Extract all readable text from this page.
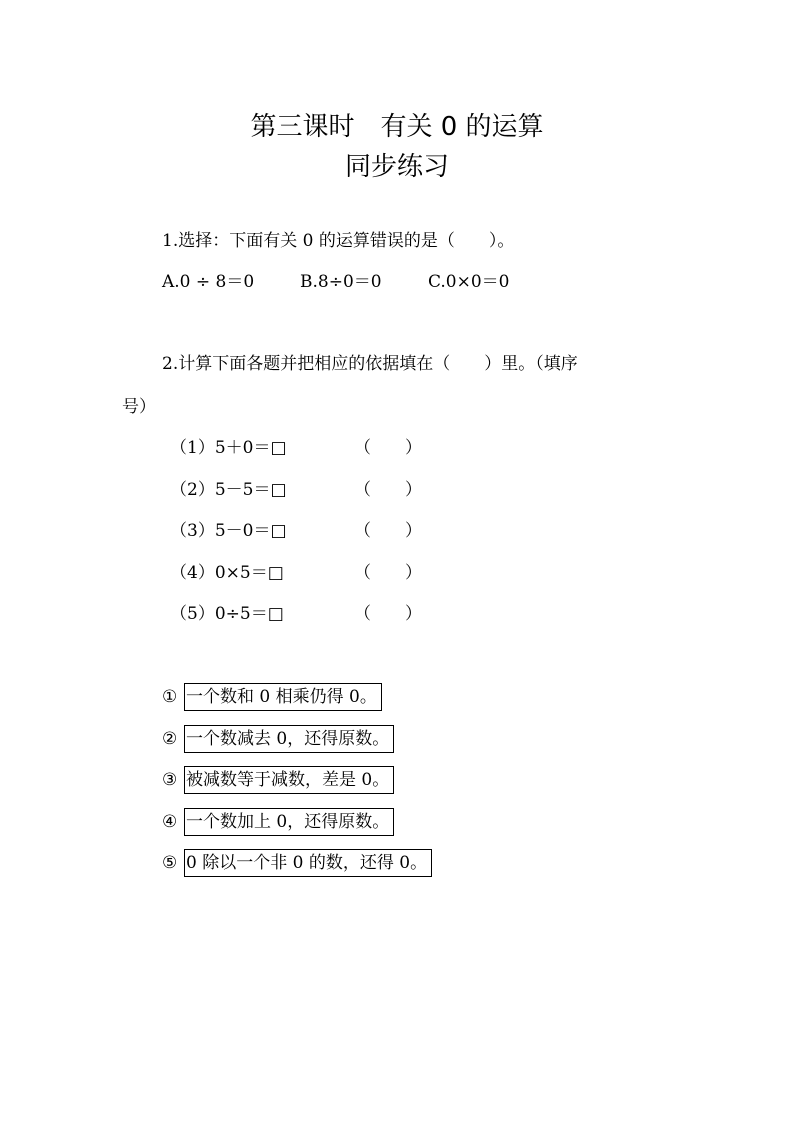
第三课时　有关 0 的运算
同步练习
1.选择：下面有关 0 的运算错误的是（　　）。
A.0 ÷ 8＝0	B.8÷0＝0	C.0×0＝0
2.计算下面各题并把相应的依据填在（　　）里。（填序
号）
（1）5＋0＝□	（　　）
（2）5－5＝□	（　　）
（3）5－0＝□	（　　）
（4）0×5＝□	（　　）
（5）0÷5＝□	（　　）
① 一个数和 0 相乘仍得 0。
② 一个数减去 0，还得原数。
③ 被减数等于减数，差是 0。
④ 一个数加上 0，还得原数。
⑤ 0 除以一个非 0 的数，还得 0。
